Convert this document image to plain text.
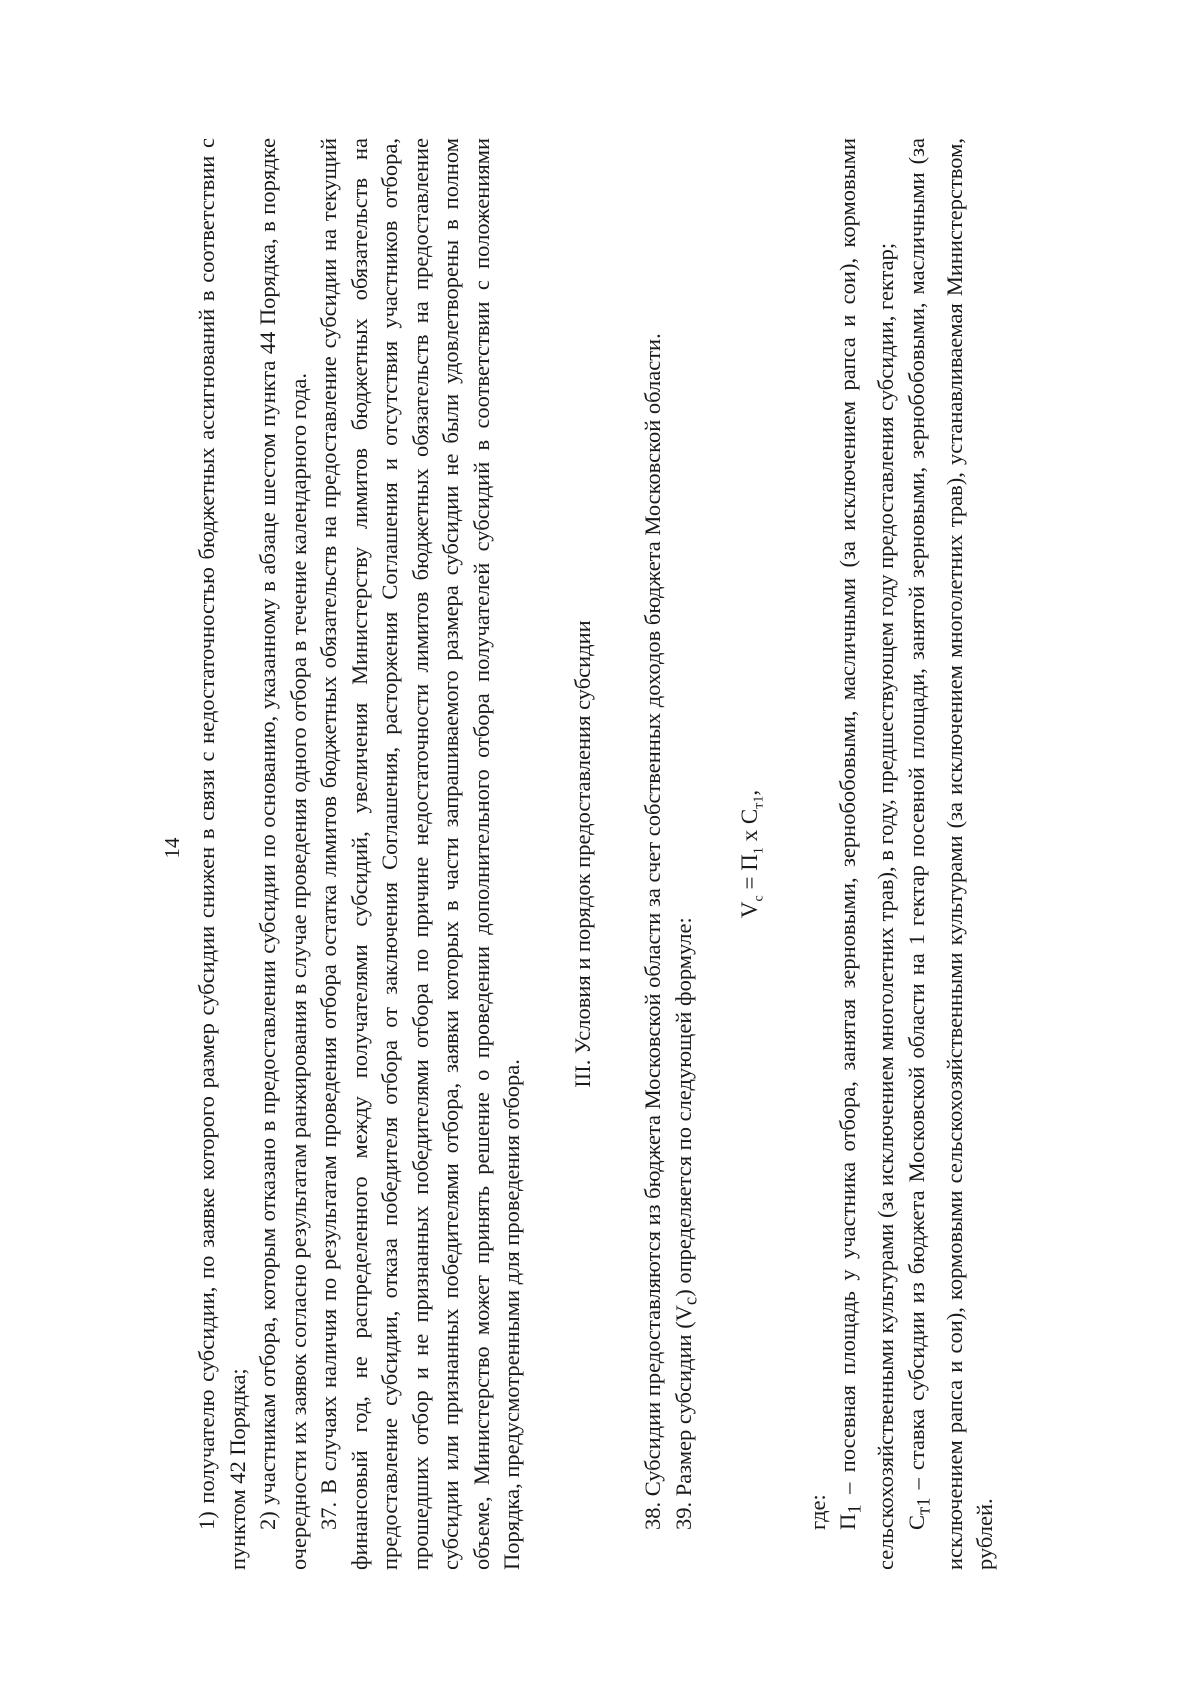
14 1) получателю субсидии, по заявке которого размер субсидии снижен в связи с недостаточностью бюджетных ассигнований в соответствии с пунктом 42 Порядка; 2) участникам отбора, которым отказано в предоставлении субсидии по основанию, указанному в абзаце шестом пункта 44 Порядка, в порядке очередности их заявок согласно результатам ранжирования в случае проведения одного отбора в течение календарного года. 37. В случаях наличия по результатам проведения отбора остатка лимитов бюджетных обязательств на предоставление субсидии на текущий финансовый год, не распределенного между получателями субсидий, увеличения Министерству лимитов бюджетных обязательств на предоставление субсидии, отказа победителя отбора от заключения Соглашения, расторжения Соглашения и отсутствия участников отбора, прошедших отбор и не признанных победителями отбора по причине недостаточности лимитов бюджетных обязательств на предоставление субсидии или признанных победителями отбора, заявки которых в части запрашиваемого размера субсидии не были удовлетворены в полном объеме, Министерство может принять решение о проведении дополнительного отбора получателей субсидий в соответствии с положениями Порядка, предусмотренными для проведения отбора.

III. Условия и порядок предоставления субсидии 38. Субсидии предоставляются из бюджета Московской области за счет собственных доходов бюджета Московской области. 39. Размер субсидии $(V_с)$ определяется по следующей формуле:

$V_с = П_1$ х $С_{т1}$,

где: $П_1$ – посевная площадь у участника отбора, занятая зерновыми, зернобобовыми, масличными (за исключением рапса и сои), кормовыми сельскохозяйственными культурами (за исключением многолетних трав), в году, предшествующем году предоставления субсидии, гектар; $С_{т1}$ – ставка субсидии из бюджета Московской области на 1 гектар посевной площади, занятой зерновыми, зернобобовыми, масличными (за исключением рапса и сои), кормовыми сельскохозяйственными культурами (за исключением многолетних трав), устанавливаемая Министерством, рублей.
